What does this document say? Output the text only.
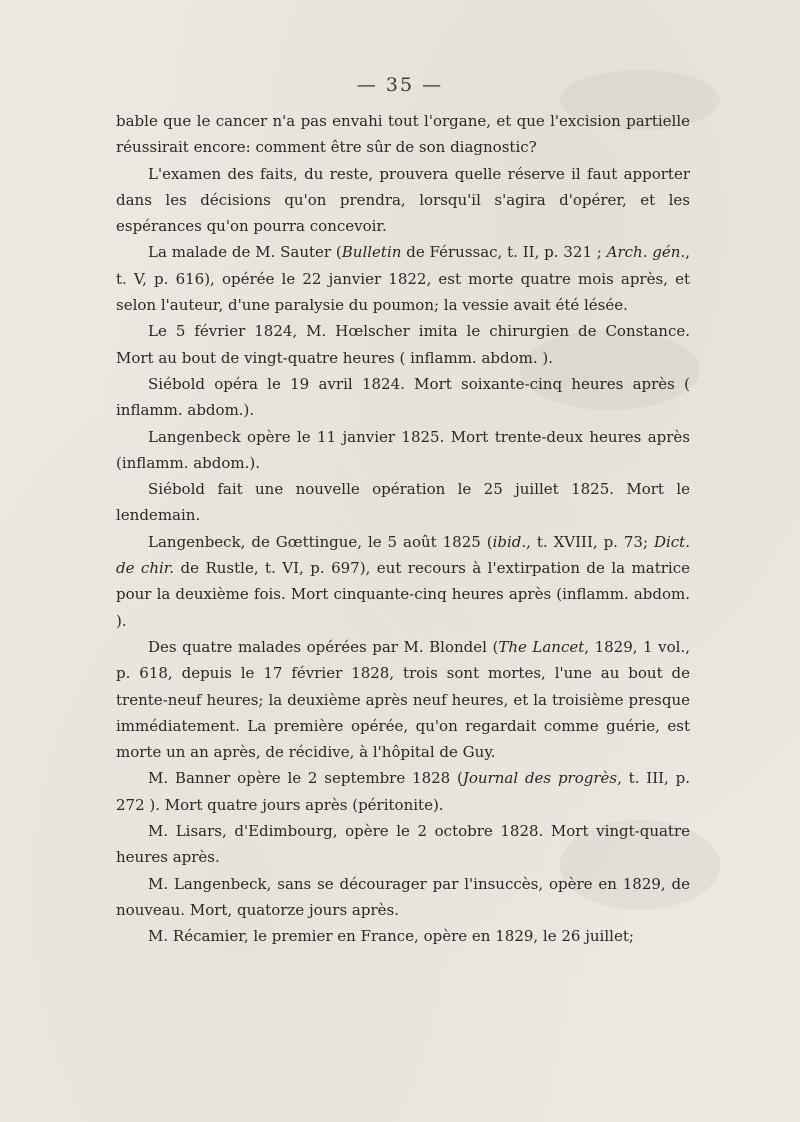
— 35 —

bable que le cancer n'a pas envahi tout l'organe, et que l'excision partielle réussirait encore: comment être sûr de son diagnostic?

L'examen des faits, du reste, prouvera quelle réserve il faut apporter dans les décisions qu'on prendra, lorsqu'il s'agira d'opérer, et les espérances qu'on pourra concevoir.

La malade de M. Sauter (Bulletin de Férussac, t. II, p. 321 ; Arch. gén., t. V, p. 616), opérée le 22 janvier 1822, est morte quatre mois après, et selon l'auteur, d'une paralysie du poumon; la vessie avait été lésée.

Le 5 février 1824, M. Hœlscher imita le chirurgien de Constance. Mort au bout de vingt-quatre heures ( inflamm. abdom. ).

Siébold opéra le 19 avril 1824. Mort soixante-cinq heures après ( inflamm. abdom.).

Langenbeck opère le 11 janvier 1825. Mort trente-deux heures après (inflamm. abdom.).

Siébold fait une nouvelle opération le 25 juillet 1825. Mort le lendemain.

Langenbeck, de Gœttingue, le 5 août 1825 (ibid., t. XVIII, p. 73; Dict. de chir. de Rustle, t. VI, p. 697), eut recours à l'extirpation de la matrice pour la deuxième fois. Mort cinquante-cinq heures après (inflamm. abdom. ).

Des quatre malades opérées par M. Blondel (The Lancet, 1829, 1 vol., p. 618, depuis le 17 février 1828, trois sont mortes, l'une au bout de trente-neuf heures; la deuxième après neuf heures, et la troisième presque immédiatement. La première opérée, qu'on regardait comme guérie, est morte un an après, de récidive, à l'hôpital de Guy.

M. Banner opère le 2 septembre 1828 (Journal des progrès, t. III, p. 272 ). Mort quatre jours après (péritonite).

M. Lisars, d'Edimbourg, opère le 2 octobre 1828. Mort vingt-quatre heures après.

M. Langenbeck, sans se décourager par l'insuccès, opère en 1829, de nouveau. Mort, quatorze jours après.

M. Récamier, le premier en France, opère en 1829, le 26 juillet;
